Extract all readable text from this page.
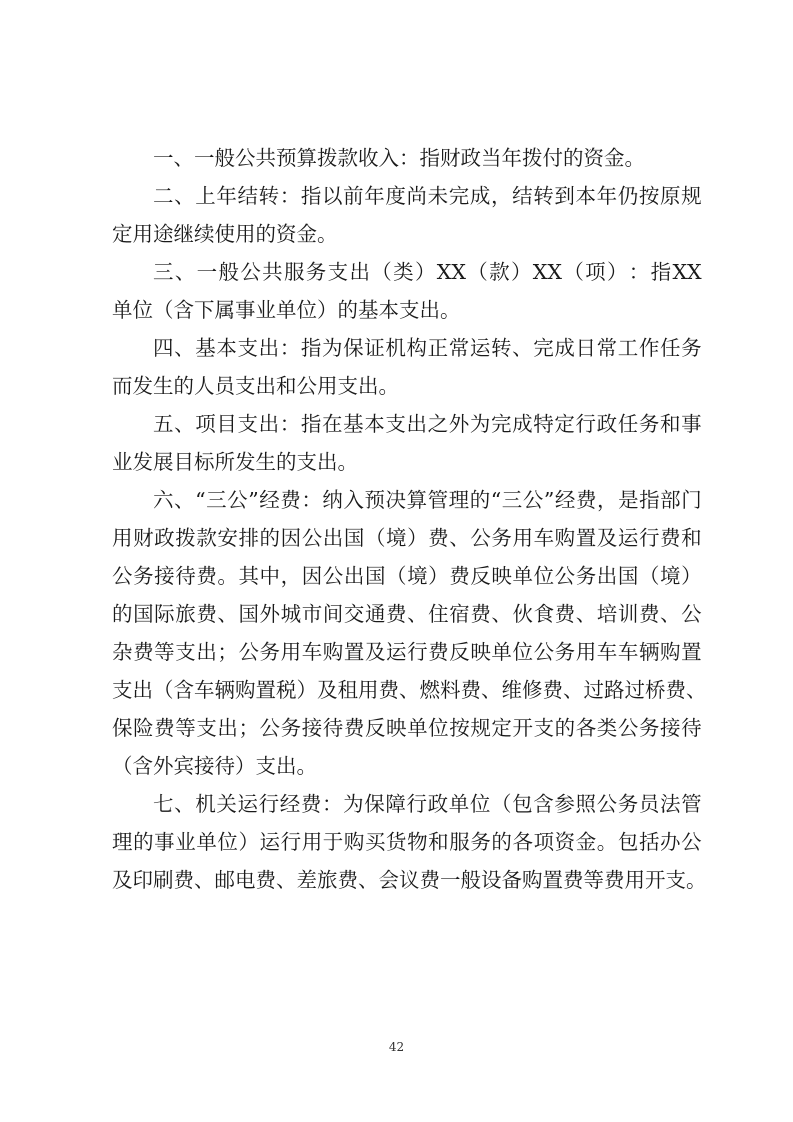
一、一般公共预算拨款收入：指财政当年拨付的资金。
二 、 上 年 结 转 ： 指 以 前 年 度 尚 未 完 成 ， 结 转 到 本 年 仍 按 原 规
定用途继续使用的资金。
三 、 一 般 公 共 服 务 支 出 （ 类 ） XX （ 款 ） XX （ 项 ） ： 指 XX
单位（含下属事业单位）的基本支出。
四 、 基 本 支 出 ： 指 为 保 证 机 构 正 常 运 转 、 完 成 日 常 工 作 任 务
而发生的人员支出和公用支出。
五 、 项 目 支 出 ： 指 在 基 本 支 出 之 外 为 完 成 特 定 行 政 任 务 和 事
业发展目标所发生的支出。
六 、 “ 三 公 ” 经 费 ： 纳 入 预 决 算 管 理 的 “ 三 公 ” 经 费 ， 是 指 部 门
用 财 政 拨 款 安 排 的 因 公 出 国 （ 境 ） 费 、 公 务 用 车 购 置 及 运 行 费 和
公 务 接 待 费 。 其 中 ， 因 公 出 国 （ 境 ） 费 反 映 单 位 公 务 出 国 （ 境 ）
的 国 际 旅 费 、 国 外 城 市 间 交 通 费 、 住 宿 费 、 伙 食 费 、 培 训 费 、 公
杂 费 等 支 出 ； 公 务 用 车 购 置 及 运 行 费 反 映 单 位 公 务 用 车 车 辆 购 置
支 出 （ 含 车 辆 购 置 税 ） 及 租 用 费 、 燃 料 费 、 维 修 费 、 过 路 过 桥 费 、
保 险 费 等 支 出 ； 公 务 接 待 费 反 映 单 位 按 规 定 开 支 的 各 类 公 务 接 待
（含外宾接待）支出。
七 、 机 关 运 行 经 费 ： 为 保 障 行 政 单 位 （ 包 含 参 照 公 务 员 法 管
理 的 事 业 单 位 ） 运 行 用 于 购 买 货 物 和 服 务 的 各 项 资 金 。 包 括 办 公
及印刷费、邮电费、差旅费、会议费一般设备购置费等费用开支。
42
